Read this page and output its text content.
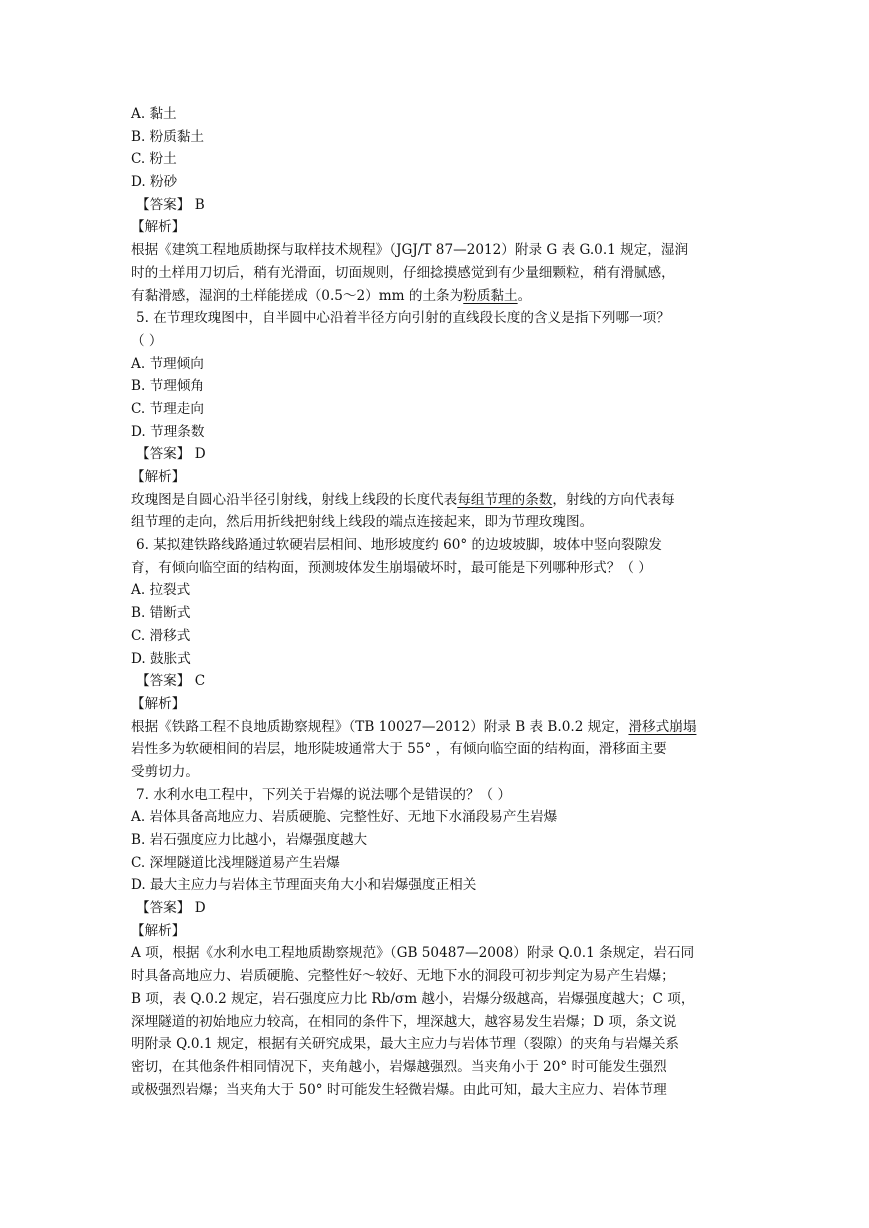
A. 黏土
B. 粉质黏土
C. 粉土
D. 粉砂
【答案】 B
【解析】
根据《建筑工程地质勘探与取样技术规程》（JGJ/T 87—2012）附录 G 表 G.0.1 规定，湿润
时的土样用刀切后，稍有光滑面，切面规则，仔细捻摸感觉到有少量细颗粒，稍有滑腻感，
有黏滑感，湿润的土样能搓成（0.5～2）mm 的土条为粉质黏土。
5. 在节理玫瑰图中，自半圆中心沿着半径方向引射的直线段长度的含义是指下列哪一项？
（ ）
A. 节理倾向
B. 节理倾角
C. 节理走向
D. 节理条数
【答案】 D
【解析】
玫瑰图是自圆心沿半径引射线，射线上线段的长度代表每组节理的条数，射线的方向代表每
组节理的走向，然后用折线把射线上线段的端点连接起来，即为节理玫瑰图。
6. 某拟建铁路线路通过软硬岩层相间、地形坡度约 60° 的边坡坡脚，坡体中竖向裂隙发
育，有倾向临空面的结构面，预测坡体发生崩塌破坏时，最可能是下列哪种形式？（ ）
A. 拉裂式
B. 错断式
C. 滑移式
D. 鼓胀式
【答案】 C
【解析】
根据《铁路工程不良地质勘察规程》（TB 10027—2012）附录 B 表 B.0.2 规定，滑移式崩塌
岩性多为软硬相间的岩层，地形陡坡通常大于 55° ，有倾向临空面的结构面，滑移面主要
受剪切力。
7. 水利水电工程中，下列关于岩爆的说法哪个是错误的？（ ）
A. 岩体具备高地应力、岩质硬脆、完整性好、无地下水涌段易产生岩爆
B. 岩石强度应力比越小，岩爆强度越大
C. 深埋隧道比浅埋隧道易产生岩爆
D. 最大主应力与岩体主节理面夹角大小和岩爆强度正相关
【答案】 D
【解析】
A 项，根据《水利水电工程地质勘察规范》（GB 50487—2008）附录 Q.0.1 条规定，岩石同
时具备高地应力、岩质硬脆、完整性好～较好、无地下水的洞段可初步判定为易产生岩爆；
B 项，表 Q.0.2 规定，岩石强度应力比 Rb/σm 越小，岩爆分级越高，岩爆强度越大；C 项，
深埋隧道的初始地应力较高，在相同的条件下，埋深越大，越容易发生岩爆；D 项，条文说
明附录 Q.0.1 规定，根据有关研究成果，最大主应力与岩体节理（裂隙）的夹角与岩爆关系
密切，在其他条件相同情况下，夹角越小，岩爆越强烈。当夹角小于 20° 时可能发生强烈
或极强烈岩爆；当夹角大于 50° 时可能发生轻微岩爆。由此可知，最大主应力、岩体节理
